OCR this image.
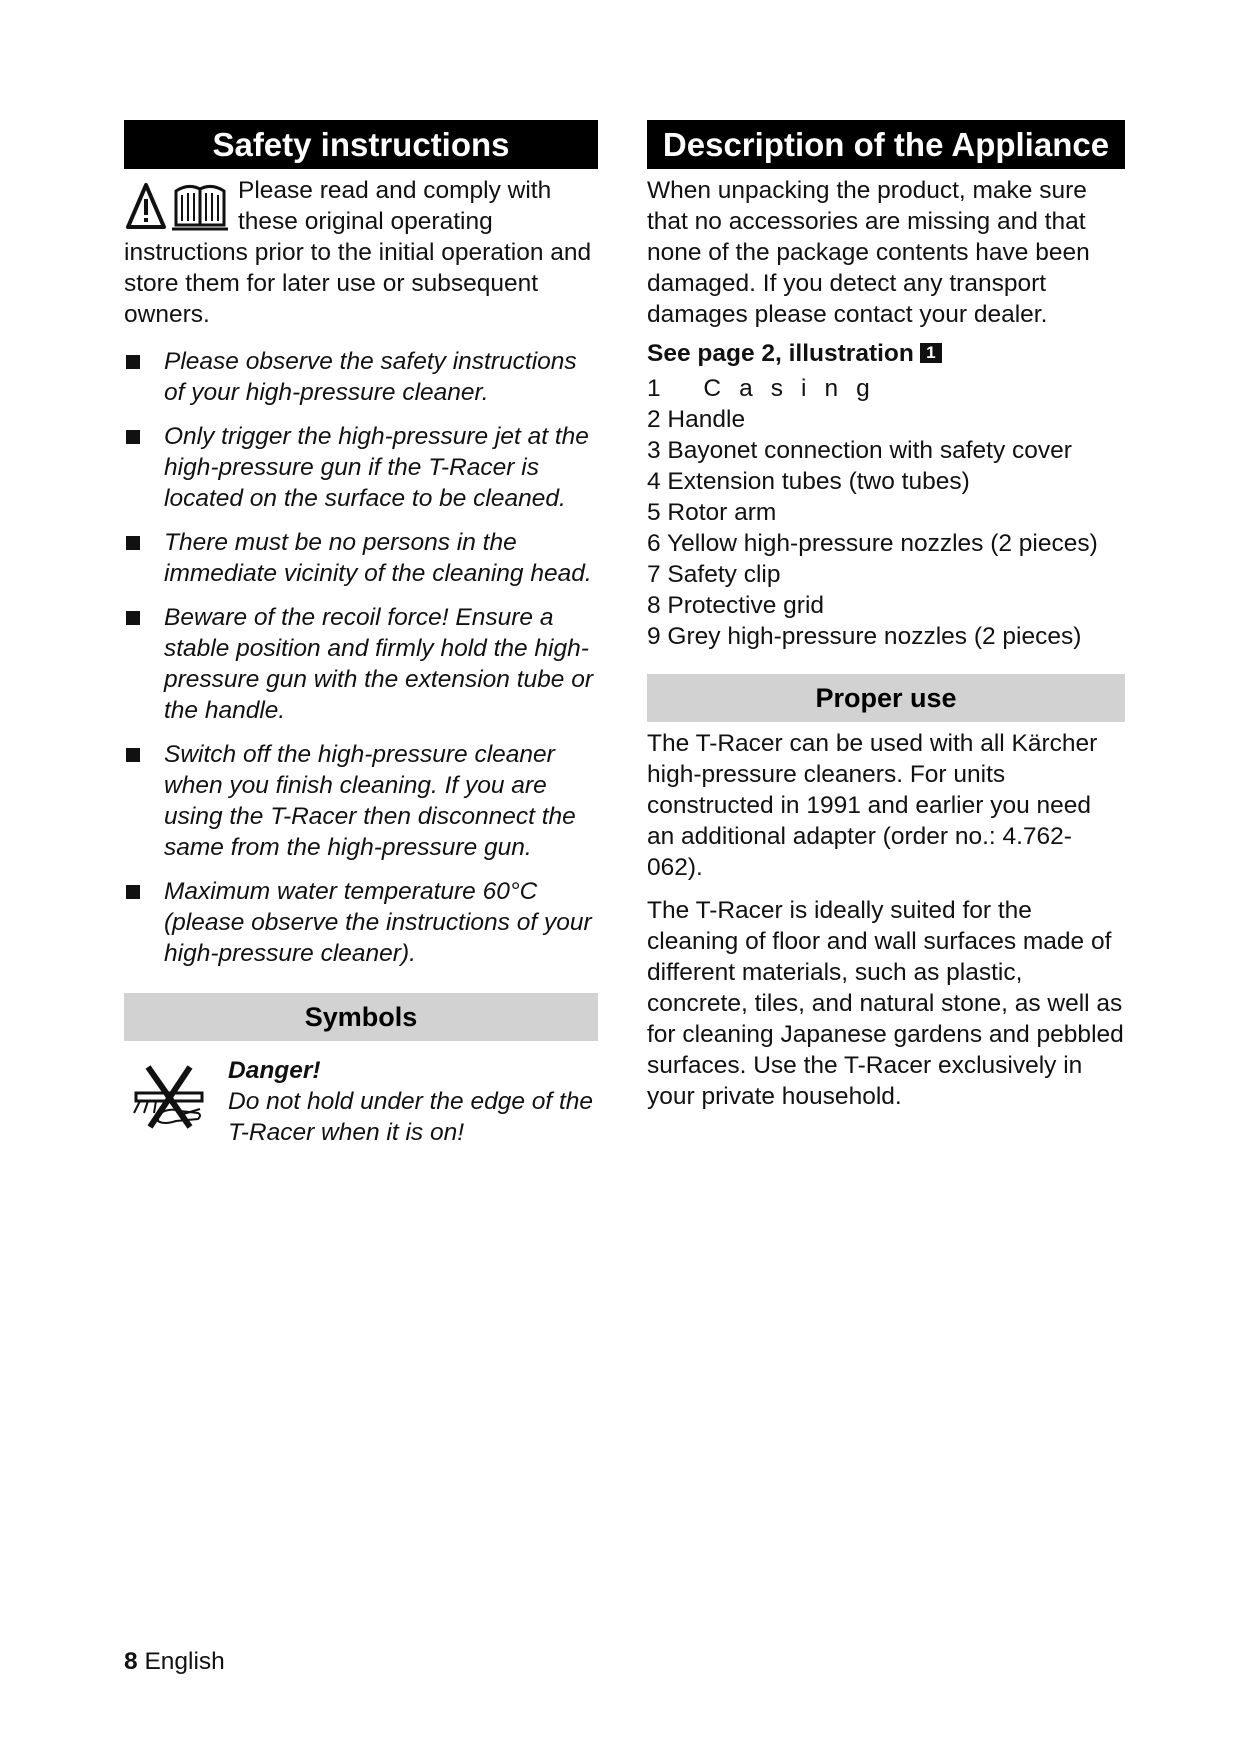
Safety instructions
Please read and comply with these original operating instructions prior to the initial operation and store them for later use or subsequent owners.
Please observe the safety instructions of your high-pressure cleaner.
Only trigger the high-pressure jet at the high-pressure gun if the T-Racer is located on the surface to be cleaned.
There must be no persons in the immediate vicinity of the cleaning head.
Beware of the recoil force! Ensure a stable position and firmly hold the high-pressure gun with the extension tube or the handle.
Switch off the high-pressure cleaner when you finish cleaning. If you are using the T-Racer then disconnect the same from the high-pressure gun.
Maximum water temperature 60°C (please observe the instructions of your high-pressure cleaner).
Symbols
Danger!
Do not hold under the edge of the T-Racer when it is on!
Description of the Appliance

When unpacking the product, make sure that no accessories are missing and that none of the package contents have been damaged. If you detect any transport damages please contact your dealer.

See page 2, illustration 1
1 Casing
2 Handle
3 Bayonet connection with safety cover
4 Extension tubes (two tubes)
5 Rotor arm
6 Yellow high-pressure nozzles (2 pieces)
7 Safety clip
8 Protective grid
9 Grey high-pressure nozzles (2 pieces)
Proper use

The T-Racer can be used with all Kärcher high-pressure cleaners. For units constructed in 1991 and earlier you need an additional adapter (order no.: 4.762-062).

The T-Racer is ideally suited for the cleaning of floor and wall surfaces made of different materials, such as plastic, concrete, tiles, and natural stone, as well as for cleaning Japanese gardens and pebbled surfaces. Use the T-Racer exclusively in your private household.

8 English
